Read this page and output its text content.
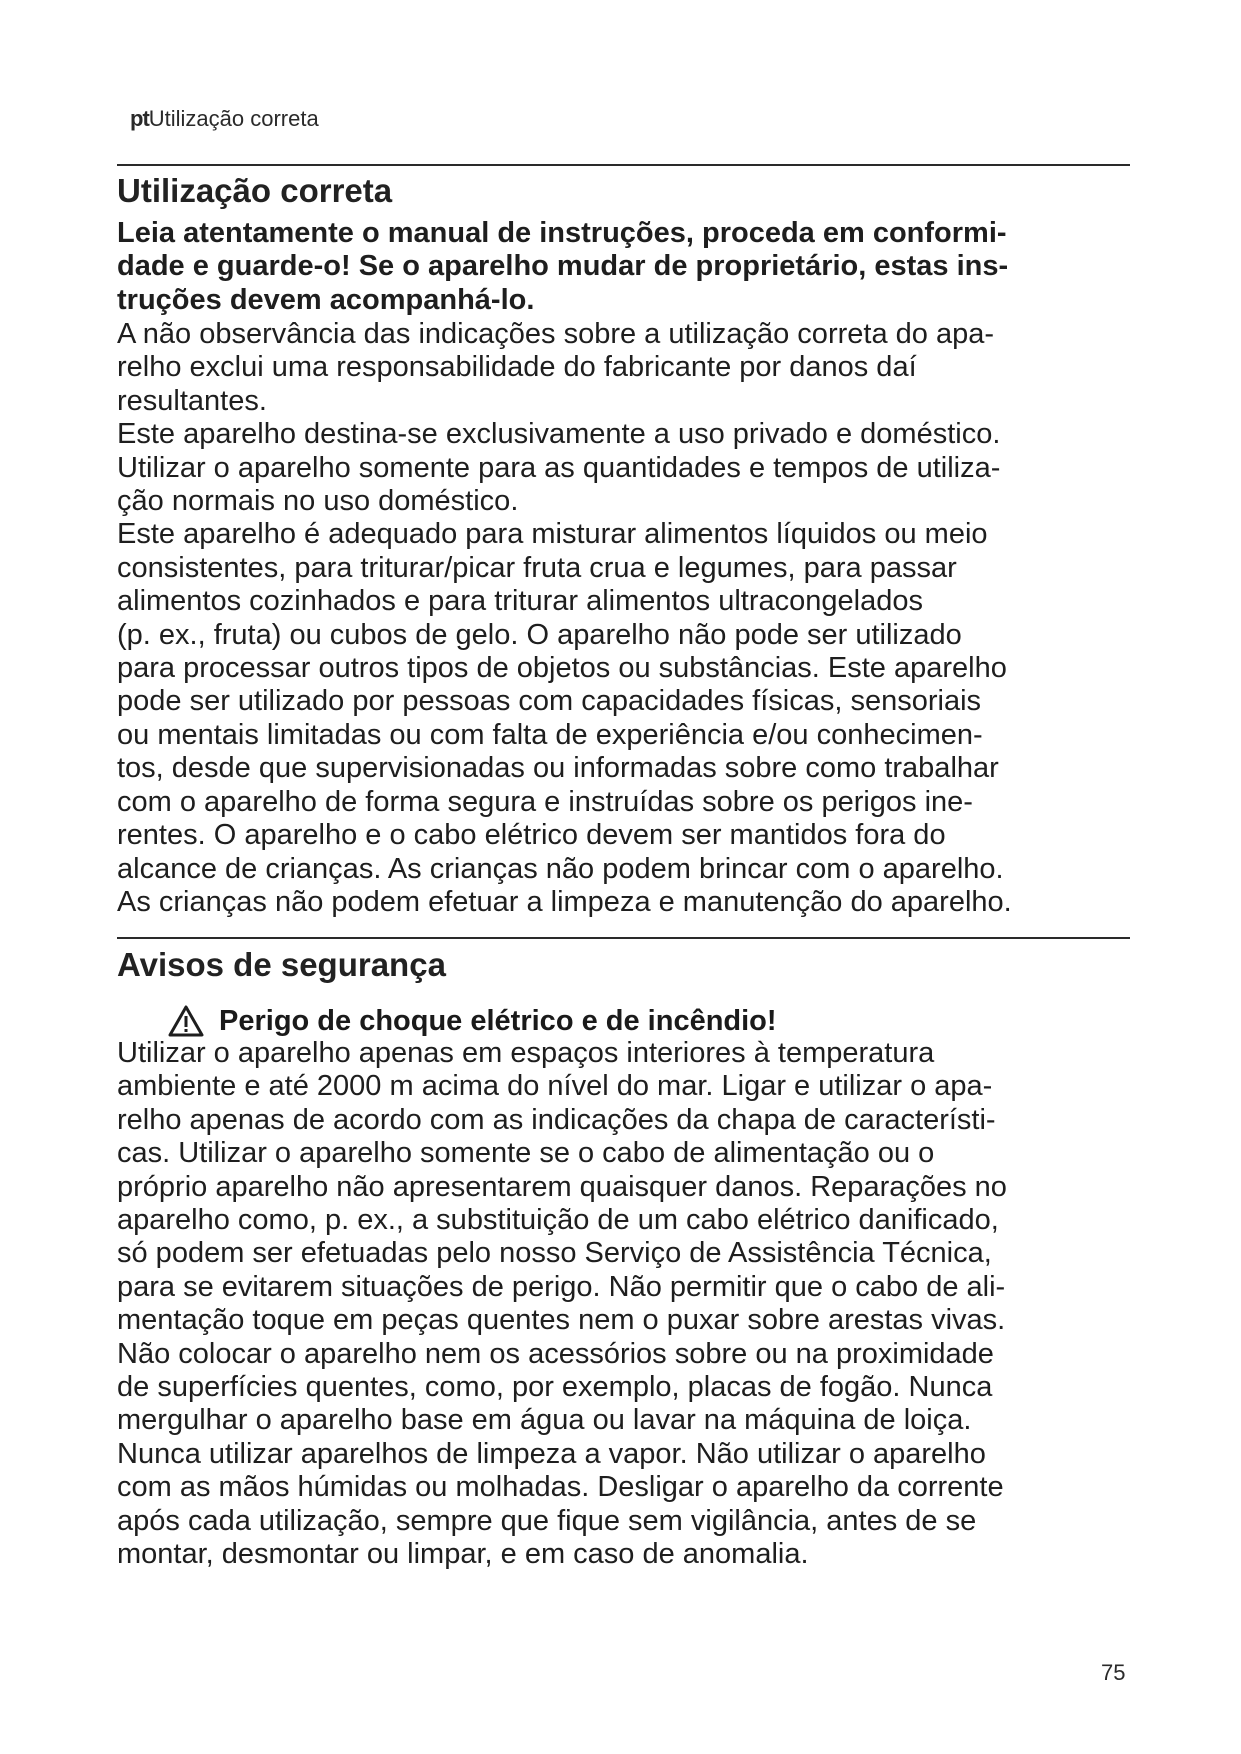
ptUtilização correta
Utilização correta
Leia atentamente o manual de instruções, proceda em conformi-
dade e guarde-o! Se o aparelho mudar de proprietário, estas ins-
truções devem acompanhá-lo.
A não observância das indicações sobre a utilização correta do apa-
relho exclui uma responsabilidade do fabricante por danos daí
resultantes.
Este aparelho destina-se exclusivamente a uso privado e doméstico.
Utilizar o aparelho somente para as quantidades e tempos de utiliza-
ção normais no uso doméstico.
Este aparelho é adequado para misturar alimentos líquidos ou meio
consistentes, para triturar/picar fruta crua e legumes, para passar
alimentos cozinhados e para triturar alimentos ultracongelados
(p. ex., fruta) ou cubos de gelo. O aparelho não pode ser utilizado
para processar outros tipos de objetos ou substâncias. Este aparelho
pode ser utilizado por pessoas com capacidades físicas, sensoriais
ou mentais limitadas ou com falta de experiência e/ou conhecimen-
tos, desde que supervisionadas ou informadas sobre como trabalhar
com o aparelho de forma segura e instruídas sobre os perigos ine-
rentes. O aparelho e o cabo elétrico devem ser mantidos fora do
alcance de crianças. As crianças não podem brincar com o aparelho.
As crianças não podem efetuar a limpeza e manutenção do aparelho.
Avisos de segurança
Perigo de choque elétrico e de incêndio!
Utilizar o aparelho apenas em espaços interiores à temperatura
ambiente e até 2000 m acima do nível do mar. Ligar e utilizar o apa-
relho apenas de acordo com as indicações da chapa de característi-
cas. Utilizar o aparelho somente se o cabo de alimentação ou o
próprio aparelho não apresentarem quaisquer danos. Reparações no
aparelho como, p. ex., a substituição de um cabo elétrico danificado,
só podem ser efetuadas pelo nosso Serviço de Assistência Técnica,
para se evitarem situações de perigo. Não permitir que o cabo de ali-
mentação toque em peças quentes nem o puxar sobre arestas vivas.
Não colocar o aparelho nem os acessórios sobre ou na proximidade
de superfícies quentes, como, por exemplo, placas de fogão. Nunca
mergulhar o aparelho base em água ou lavar na máquina de loiça.
Nunca utilizar aparelhos de limpeza a vapor. Não utilizar o aparelho
com as mãos húmidas ou molhadas. Desligar o aparelho da corrente
após cada utilização, sempre que fique sem vigilância, antes de se
montar, desmontar ou limpar, e em caso de anomalia.
75
